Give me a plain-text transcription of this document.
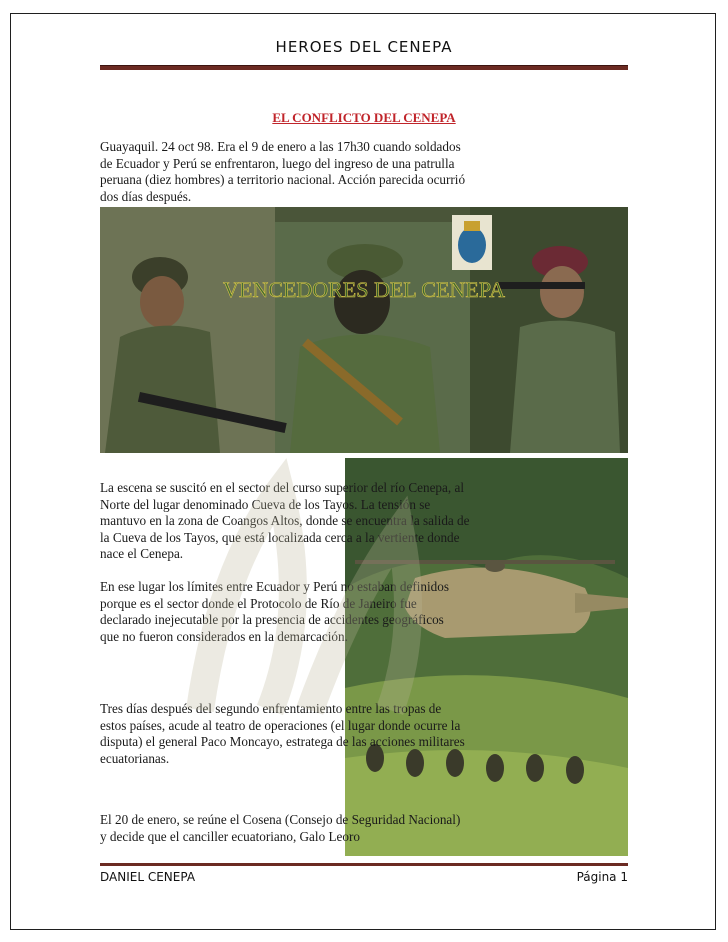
HEROES DEL CENEPA
EL CONFLICTO DEL CENEPA
Guayaquil. 24 oct 98. Era el 9 de enero a las 17h30 cuando soldados de Ecuador y Perú se enfrentaron, luego del ingreso de una patrulla peruana (diez hombres) a territorio nacional. Acción parecida ocurrió dos días después.
VENCEDORES DEL CENEPA
La escena se suscitó en el sector del curso superior del río Cenepa, al Norte del lugar denominado Cueva de los Tayos. La tensión se mantuvo en la zona de Coangos Altos, donde se encuentra la salida de la Cueva de los Tayos, que está localizada cerca a la vertiente donde nace el Cenepa.
En ese lugar los límites entre Ecuador y Perú no estaban definidos porque es el sector donde el Protocolo de Río de Janeiro fue declarado inejecutable por la presencia de accidentes geográficos que no fueron considerados en la demarcación.
Tres días después del segundo enfrentamiento entre las tropas de estos países, acude al teatro de operaciones (el lugar donde ocurre la disputa) el general Paco Moncayo, estratega de las acciones militares ecuatorianas.
El 20 de enero, se reúne el Cosena (Consejo de Seguridad Nacional) y decide que el canciller ecuatoriano, Galo Leoro
DANIEL CENEPA	Página 1
